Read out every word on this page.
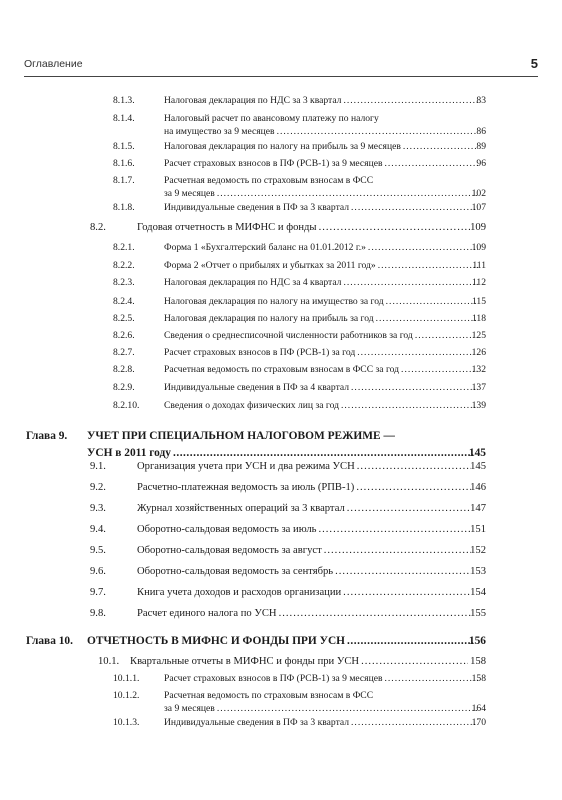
Оглавление	5
8.1.3.	Налоговая декларация по НДС за 3 квартал .....	83
8.1.4.	Налоговый расчет по авансовому платежу по налогу
на имущество за 9 месяцев .....	86
8.1.5.	Налоговая декларация по налогу на прибыль за 9 месяцев .....	89
8.1.6.	Расчет страховых взносов в ПФ (РСВ-1) за 9 месяцев .....	96
8.1.7.	Расчетная ведомость по страховым взносам в ФСС
за 9 месяцев .....	102
8.1.8.	Индивидуальные сведения в ПФ за 3 квартал .....	107
8.2.	Годовая отчетность в МИФНС и фонды .....	109
8.2.1.	Форма 1 «Бухгалтерский баланс на 01.01.2012 г.» .....	109
8.2.2.	Форма 2 «Отчет о прибылях и убытках за 2011 год» .....	111
8.2.3.	Налоговая декларация по НДС за 4 квартал .....	112
8.2.4.	Налоговая декларация по налогу на имущество за год .....	115
8.2.5.	Налоговая декларация по налогу на прибыль за год .....	118
8.2.6.	Сведения о среднесписочной численности работников за год .....	125
8.2.7.	Расчет страховых взносов в ПФ (РСВ-1) за год .....	126
8.2.8.	Расчетная ведомость по страховым взносам в ФСС за год .....	132
8.2.9.	Индивидуальные сведения в ПФ за 4 квартал .....	137
8.2.10.	Сведения о доходах физических лиц за год .....	139
Глава 9. УЧЕТ ПРИ СПЕЦИАЛЬНОМ НАЛОГОВОМ РЕЖИМЕ —
УСН в 2011 году .....	145
9.1.	Организация учета при УСН и два режима УСН .....	145
9.2.	Расчетно-платежная ведомость за июль (РПВ-1) .....	146
9.3.	Журнал хозяйственных операций за 3 квартал .....	147
9.4.	Оборотно-сальдовая ведомость за июль .....	151
9.5.	Оборотно-сальдовая ведомость за август .....	152
9.6.	Оборотно-сальдовая ведомость за сентябрь .....	153
9.7.	Книга учета доходов и расходов организации .....	154
9.8.	Расчет единого налога по УСН .....	155
Глава 10. ОТЧЕТНОСТЬ В МИФНС И ФОНДЫ ПРИ УСН .....	156
10.1. Квартальные отчеты в МИФНС и фонды при УСН .....	158
10.1.1.	Расчет страховых взносов в ПФ (РСВ-1) за 9 месяцев .....	158
10.1.2.	Расчетная ведомость по страховым взносам в ФСС
за 9 месяцев .....	164
10.1.3.	Индивидуальные сведения в ПФ за 3 квартал .....	170
